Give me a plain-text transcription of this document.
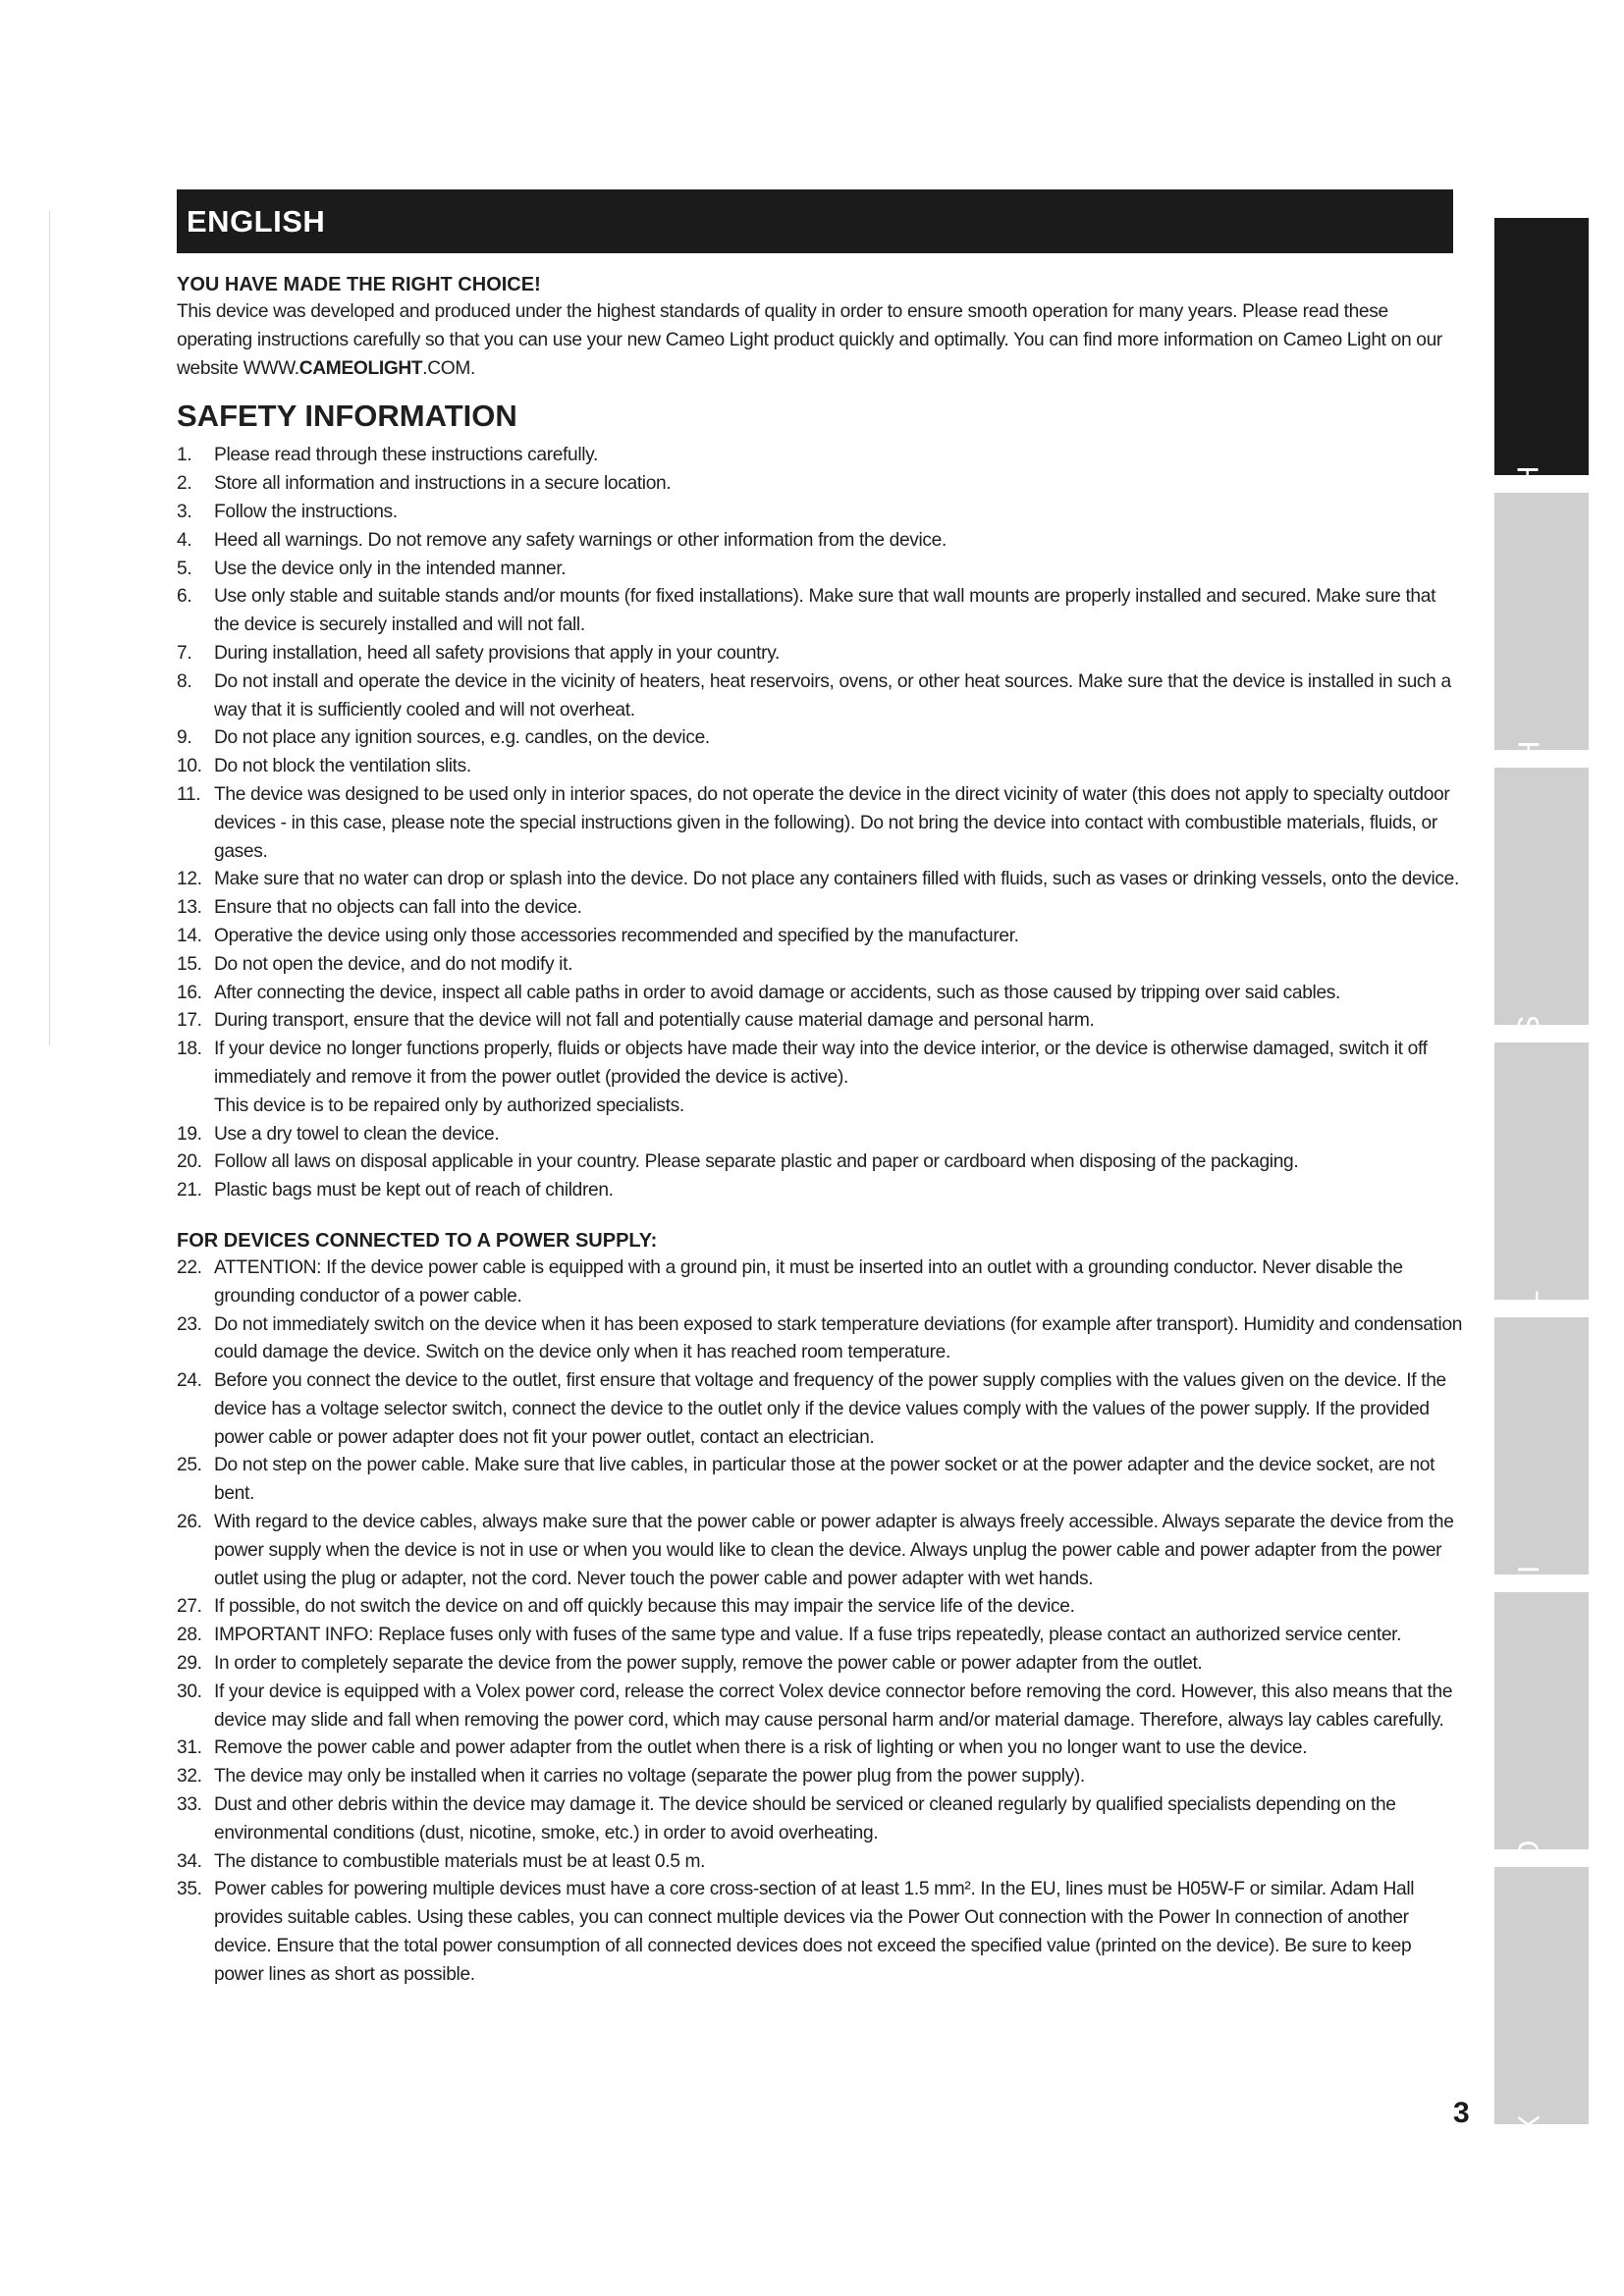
ENGLISH

YOU HAVE MADE THE RIGHT CHOICE!

This device was developed and produced under the highest standards of quality in order to ensure smooth operation for many years. Please read these operating instructions carefully so that you can use your new Cameo Light product quickly and optimally. You can find more information on Cameo Light on our website WWW.CAMEOLIGHT.COM.

SAFETY INFORMATION
1.	Please read through these instructions carefully.
2.	Store all information and instructions in a secure location.
3.	Follow the instructions.
4.	Heed all warnings. Do not remove any safety warnings or other information from the device.
5.	Use the device only in the intended manner.
6.	Use only stable and suitable stands and/or mounts (for fixed installations). Make sure that wall mounts are properly installed and secured. Make sure that the device is securely installed and will not fall.
7.	During installation, heed all safety provisions that apply in your country.
8.	Do not install and operate the device in the vicinity of heaters, heat reservoirs, ovens, or other heat sources. Make sure that the device is installed in such a way that it is sufficiently cooled and will not overheat.
9.	Do not place any ignition sources, e.g. candles, on the device.
10. Do not block the ventilation slits.
11. The device was designed to be used only in interior spaces, do not operate the device in the direct vicinity of water (this does not apply to specialty outdoor devices - in this case, please note the special instructions given in the following). Do not bring the device into contact with combustible materials, fluids, or gases.
12. Make sure that no water can drop or splash into the device. Do not place any containers filled with fluids, such as vases or drinking vessels, onto the device.
13. Ensure that no objects can fall into the device.
14. Operative the device using only those accessories recommended and specified by the manufacturer.
15. Do not open the device, and do not modify it.
16. After connecting the device, inspect all cable paths in order to avoid damage or accidents, such as those caused by tripping over said cables.
17. During transport, ensure that the device will not fall and potentially cause material damage and personal harm.
18. If your device no longer functions properly, fluids or objects have made their way into the device interior, or the device is otherwise damaged, switch it off immediately and remove it from the power outlet (provided the device is active).
This device is to be repaired only by authorized specialists.
19. Use a dry towel to clean the device.
20. Follow all laws on disposal applicable in your country. Please separate plastic and paper or cardboard when disposing of the packaging.
21. Plastic bags must be kept out of reach of children.

FOR DEVICES CONNECTED TO A POWER SUPPLY:

22. ATTENTION: If the device power cable is equipped with a ground pin, it must be inserted into an outlet with a grounding conductor. Never disable the grounding conductor of a power cable.
23. Do not immediately switch on the device when it has been exposed to stark temperature deviations (for example after transport). Humidity and condensation could damage the device. Switch on the device only when it has reached room temperature.
24. Before you connect the device to the outlet, first ensure that voltage and frequency of the power supply complies with the values given on the device. If the device has a voltage selector switch, connect the device to the outlet only if the device values comply with the values of the power supply. If the provided power cable or power adapter does not fit your power outlet, contact an electrician.
25. Do not step on the power cable. Make sure that live cables, in particular those at the power socket or at the power adapter and the device socket, are not bent.
26. With regard to the device cables, always make sure that the power cable or power adapter is always freely accessible. Always separate the device from the power supply when the device is not in use or when you would like to clean the device. Always unplug the power cable and power adapter from the power outlet using the plug or adapter, not the cord. Never touch the power cable and power adapter with wet hands.
27. If possible, do not switch the device on and off quickly because this may impair the service life of the device.
28. IMPORTANT INFO: Replace fuses only with fuses of the same type and value. If a fuse trips repeatedly, please contact an authorized service center.
29. In order to completely separate the device from the power supply, remove the power cable or power adapter from the outlet.
30. If your device is equipped with a Volex power cord, release the correct Volex device connector before removing the cord. However, this also means that the device may slide and fall when removing the power cord, which may cause personal harm and/or material damage. Therefore, always lay cables carefully.
31. Remove the power cable and power adapter from the outlet when there is a risk of lighting or when you no longer want to use the device.
32. The device may only be installed when it carries no voltage (separate the power plug from the power supply).
33. Dust and other debris within the device may damage it. The device should be serviced or cleaned regularly by qualified specialists depending on the environmental conditions (dust, nicotine, smoke, etc.) in order to avoid overheating.
34. The distance to combustible materials must be at least 0.5 m.
35. Power cables for powering multiple devices must have a core cross-section of at least 1.5 mm². In the EU, lines must be H05W-F or similar. Adam Hall provides suitable cables. Using these cables, you can connect multiple devices via the Power Out connection with the Power In connection of another device. Ensure that the total power consumption of all connected devices does not exceed the specified value (printed on the device). Be sure to keep power lines as short as possible.
3
DMX
